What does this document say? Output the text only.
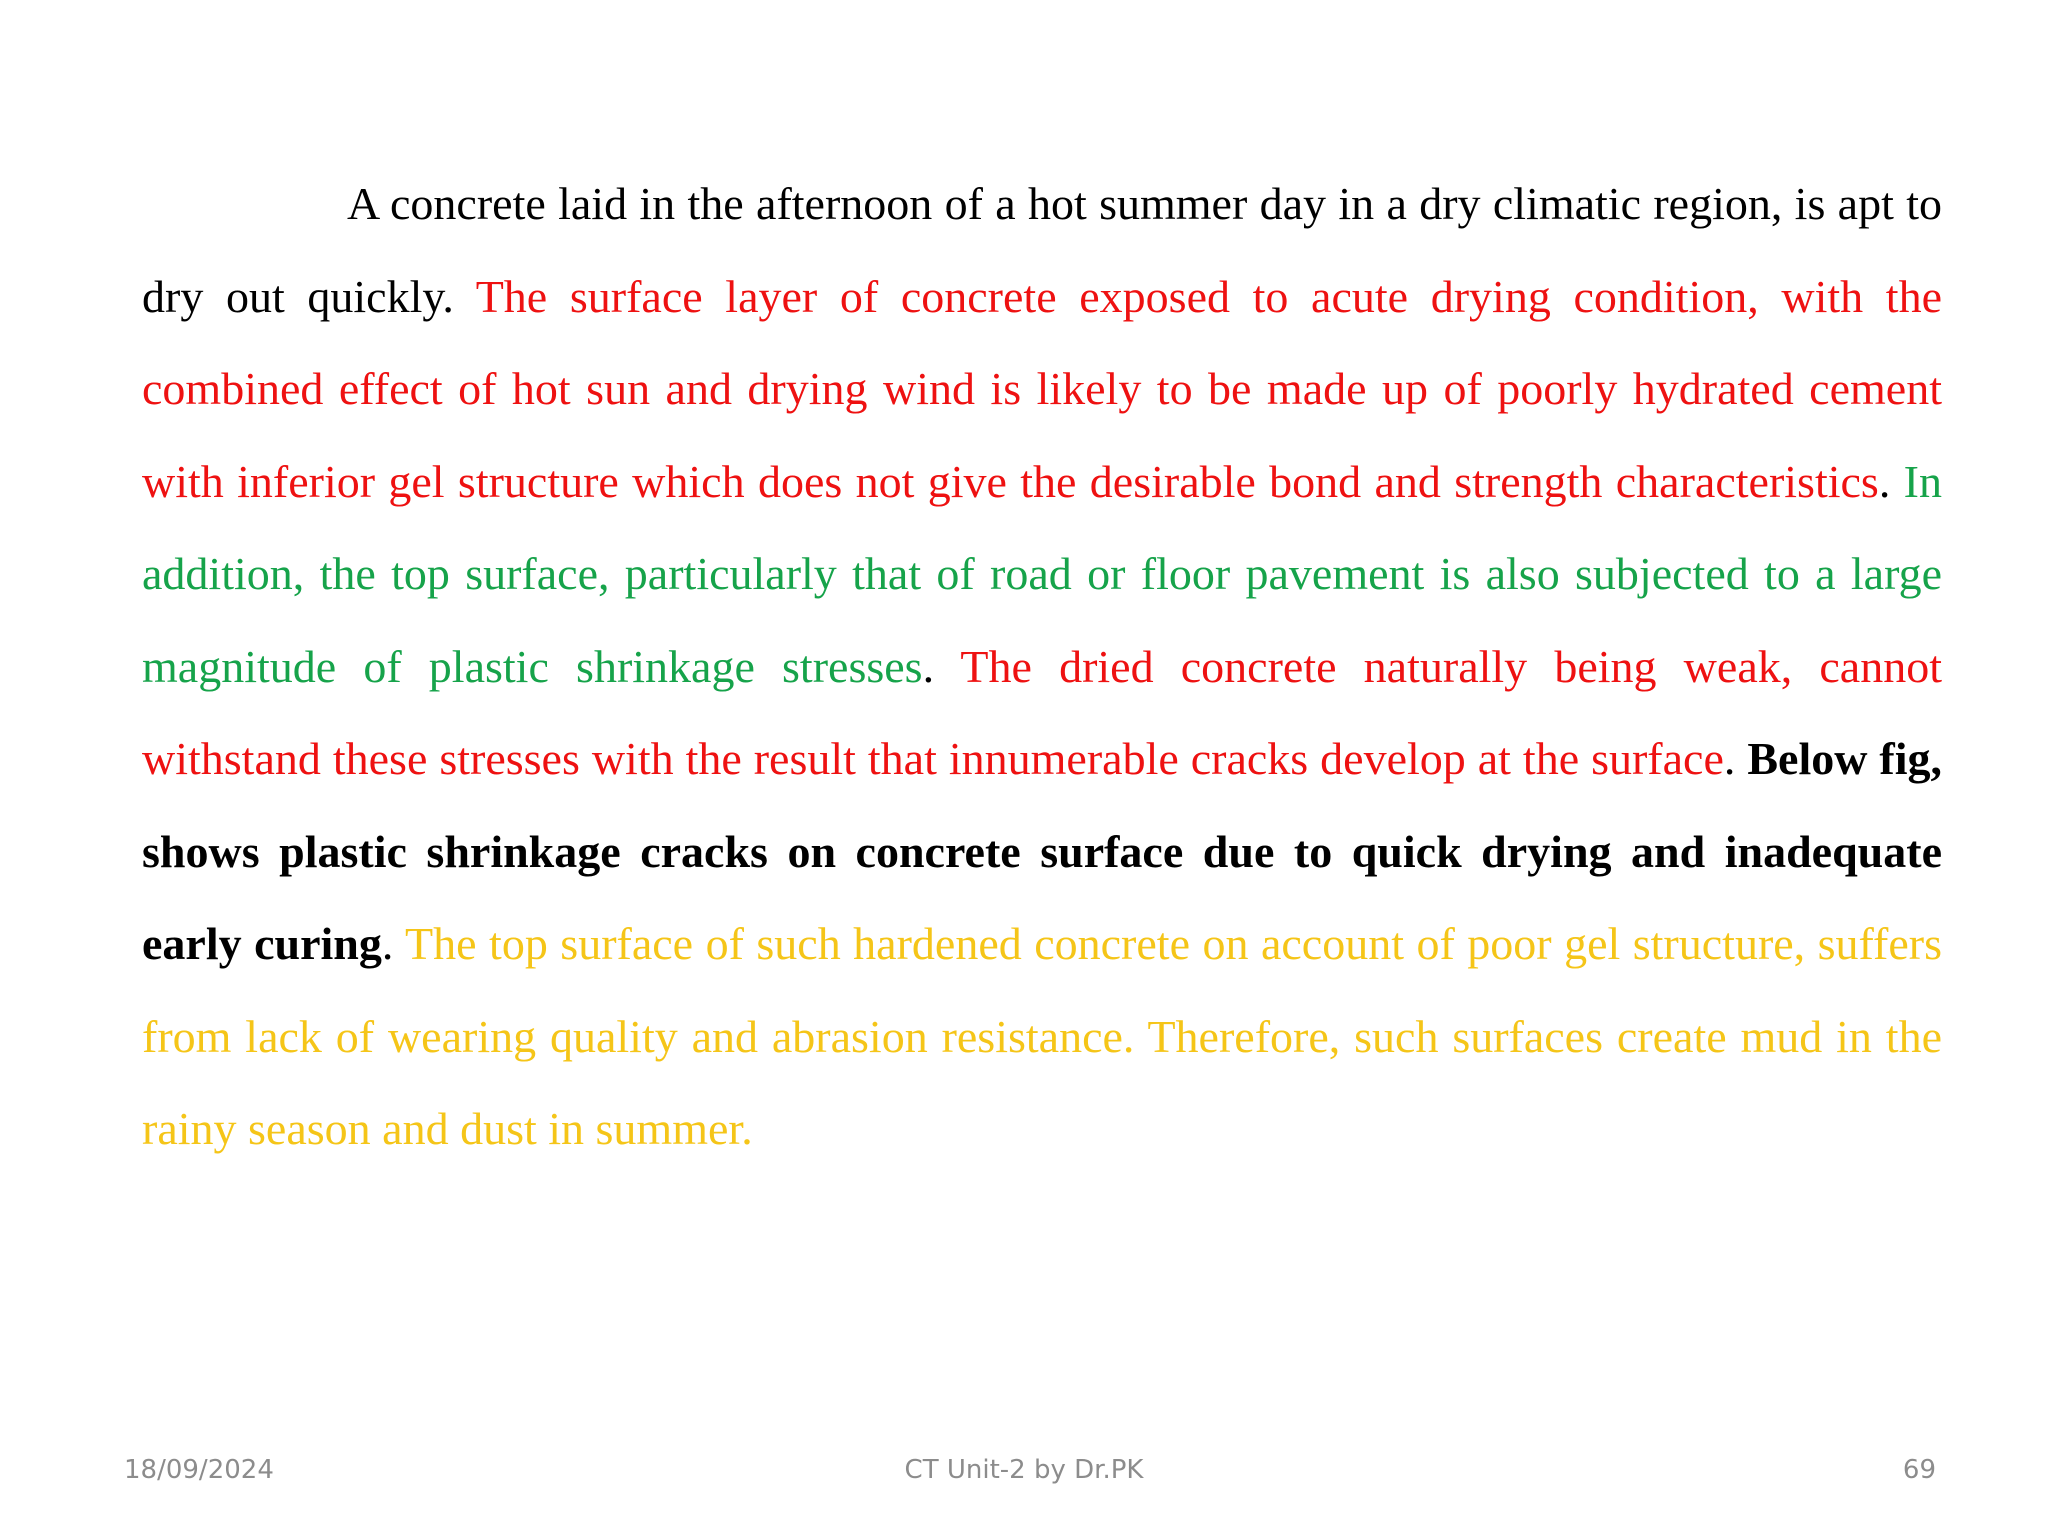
A concrete laid in the afternoon of a hot summer day in a dry climatic region, is apt to dry out quickly. The surface layer of concrete exposed to acute drying condition, with the combined effect of hot sun and drying wind is likely to be made up of poorly hydrated cement with inferior gel structure which does not give the desirable bond and strength characteristics. In addition, the top surface, particularly that of road or floor pavement is also subjected to a large magnitude of plastic shrinkage stresses. The dried concrete naturally being weak, cannot withstand these stresses with the result that innumerable cracks develop at the surface. Below fig, shows plastic shrinkage cracks on concrete surface due to quick drying and inadequate early curing. The top surface of such hardened concrete on account of poor gel structure, suffers from lack of wearing quality and abrasion resistance. Therefore, such surfaces create mud in the rainy season and dust in summer.

18/09/2024	CT Unit-2 by Dr.PK	69
